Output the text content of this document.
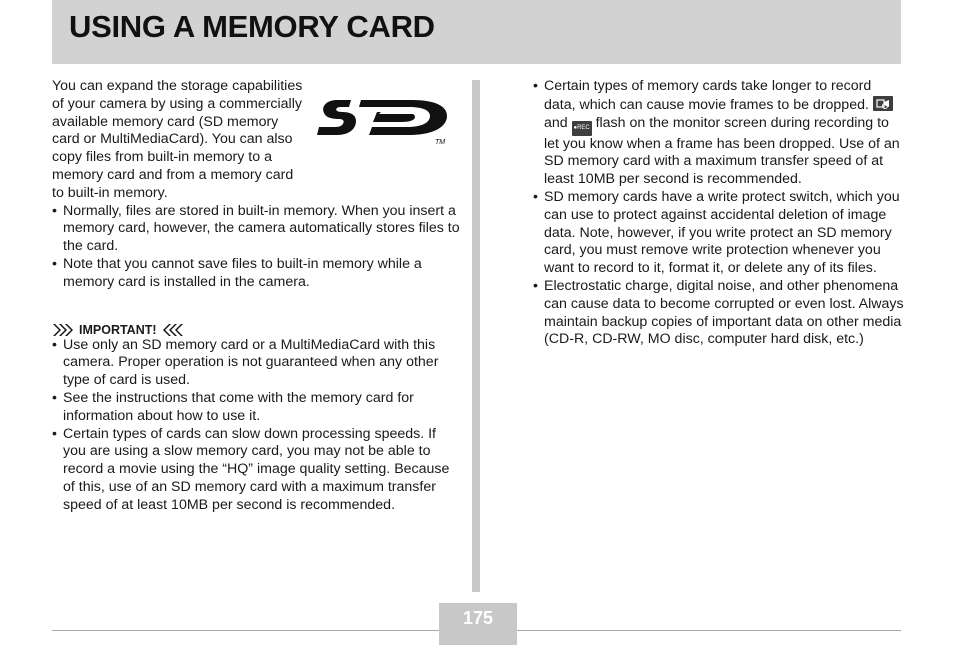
USING A MEMORY CARD

You can expand the storage capabilities of your camera by using a commercially available memory card (SD memory card or MultiMediaCard). You can also copy files from built-in memory to a memory card and from a memory card to built-in memory.

TM
• Normally, files are stored in built-in memory. When you insert a memory card, however, the camera automatically stores files to the card.
• Note that you cannot save files to built-in memory while a memory card is installed in the camera.
IMPORTANT!
• Use only an SD memory card or a MultiMediaCard with this camera. Proper operation is not guaranteed when any other type of card is used.
• See the instructions that come with the memory card for information about how to use it.
• Certain types of cards can slow down processing speeds. If you are using a slow memory card, you may not be able to record a movie using the “HQ” image quality setting. Because of this, use of an SD memory card with a maximum transfer speed of at least 10MB per second is recommended.
• Certain types of memory cards take longer to record data, which can cause movie frames to be dropped.  and ●REC flash on the monitor screen during recording to let you know when a frame has been dropped. Use of an SD memory card with a maximum transfer speed of at least 10MB per second is recommended.
• SD memory cards have a write protect switch, which you can use to protect against accidental deletion of image data. Note, however, if you write protect an SD memory card, you must remove write protection whenever you want to record to it, format it, or delete any of its files.
• Electrostatic charge, digital noise, and other phenomena can cause data to become corrupted or even lost. Always maintain backup copies of important data on other media (CD-R, CD-RW, MO disc, computer hard disk, etc.)
175
